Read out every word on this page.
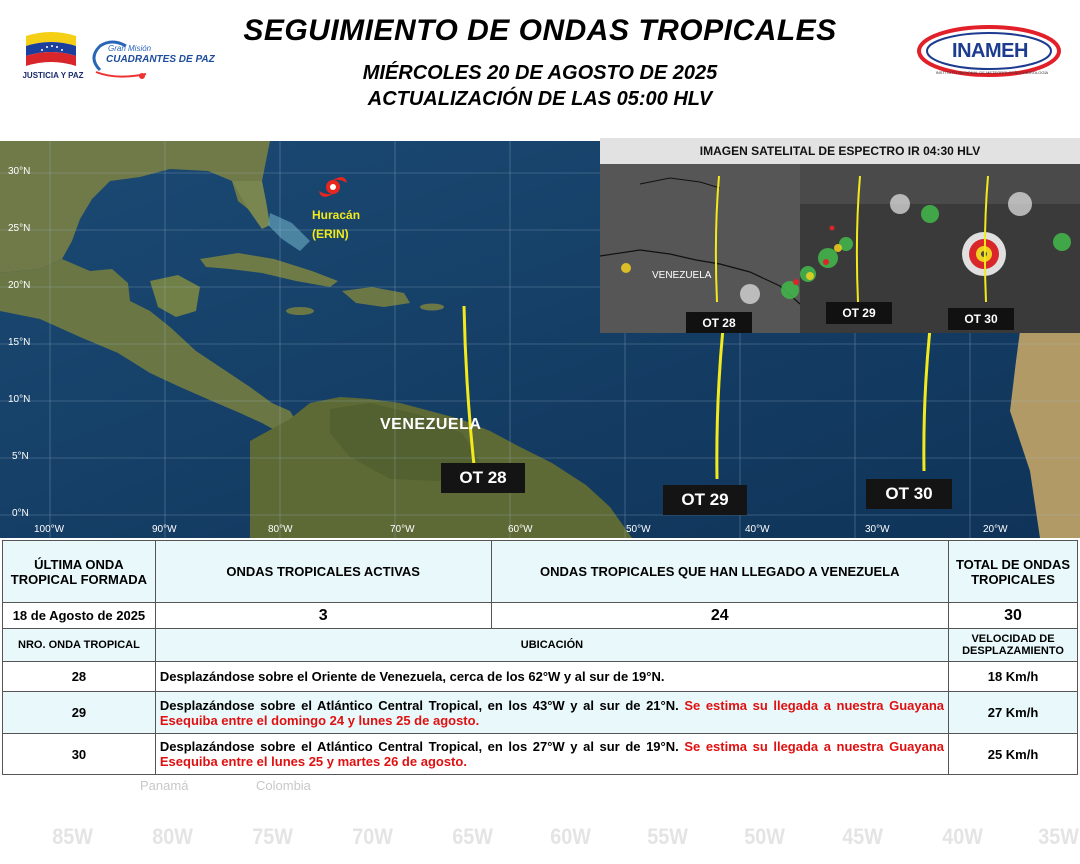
85W	80W	75W	70W	65W	60W	55W	50W	45W	40W	35W
Panamá	Colombia
SEGUIMIENTO DE ONDAS TROPICALES
MIÉRCOLES 20 DE AGOSTO DE 2025
ACTUALIZACIÓN DE LAS 05:00 HLV
JUSTICIA Y PAZ
Gran Misión
CUADRANTES DE PAZ	INAMEH
INSTITUTO NACIONAL DE METEOROLOGÍA E HIDROLOGÍA
30°N
25°N
20°N
15°N
10°N
5°N
0°N
100°W	90°W	80°W	70°W	60°W	50°W	40°W	30°W	20°W
Huracán
(ERIN)
VENEZUELA
OT 28
OT 29	OT 30
IMAGEN SATELITAL DE ESPECTRO IR 04:30 HLV
VENEZUELA
OT 28
OT 29	OT 30
ÚLTIMA ONDA TROPICAL FORMADA	ONDAS TROPICALES ACTIVAS	ONDAS TROPICALES QUE HAN LLEGADO A VENEZUELA	TOTAL DE ONDAS TROPICALES
18 de Agosto de 2025	3	24	30
NRO. ONDA TROPICAL	UBICACIÓN		VELOCIDAD DE DESPLAZAMIENTO
28	Desplazándose sobre el Oriente de Venezuela, cerca de los 62°W y al sur de 19°N.		18 Km/h
29	Desplazándose sobre el Atlántico Central Tropical, en los 43°W y al sur de 21°N. Se estima su llegada a nuestra Guayana Esequiba entre el domingo 24 y lunes 25 de agosto.		27 Km/h
30	Desplazándose sobre el Atlántico Central Tropical, en los 27°W y al sur de 19°N. Se estima su llegada a nuestra Guayana Esequiba entre el lunes 25 y martes 26 de agosto.		25 Km/h
